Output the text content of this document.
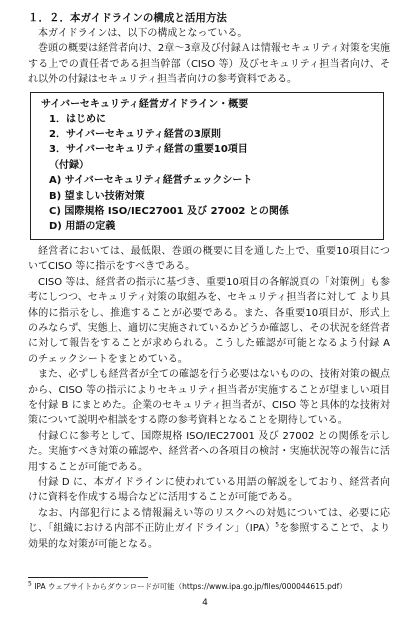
１．２．本ガイドラインの構成と活用方法

本ガイドラインは、以下の構成となっている。

巻頭の概要は経営者向け、2章～3章及び付録Ａは情報セキュリティ対策を実施する上での責任者である担当幹部（CISO 等）及びセキュリティ担当者向け、それ以外の付録はセキュリティ担当者向けの参考資料である。

サイバーセキュリティ経営ガイドライン・概要
1．はじめに
2．サイバーセキュリティ経営の3原則
3．サイバーセキュリティ経営の重要10項目
（付録）
A) サイバーセキュリティ経営チェックシート
B) 望ましい技術対策
C) 国際規格 ISO/IEC27001 及び 27002 との関係
D) 用語の定義

経営者においては、最低限、巻頭の概要に目を通した上で、重要10項目についてCISO 等に指示をすべきである。

CISO 等は、経営者の指示に基づき、重要10項目の各解説頁の「対策例」も参考にしつつ、セキュリティ対策の取組みを、セキュリティ担当者に対して より具体的に指示をし、推進することが必要である。また、各重要10項目が、形式上のみならず、実態上、適切に実施されているかどうか確認し、その状況を経営者に対して報告をすることが求められる。こうした確認が可能となるよう付録 A のチェックシートをまとめている。

また、必ずしも経営者が全ての確認を行う必要はないものの、技術対策の観点から、CISO 等の指示によりセキュリティ担当者が実施することが望ましい項目を付録 B にまとめた。企業のセキュリティ担当者が、CISO 等と具体的な技術対策について説明や相談をする際の参考資料となることを期待している。

付録Ｃに参考として、国際規格 ISO/IEC27001 及び 27002 との関係を示した。実施すべき対策の確認や、経営者への各項目の検討・実施状況等の報告に活用することが可能である。

付録 D に、本ガイドラインに使われている用語の解説をしており、経営者向けに資料を作成する場合などに活用することが可能である。

なお、内部犯行による情報漏えい等のリスクへの対処については、必要に応じ、「組織における内部不正防止ガイドライン」（IPA）$^5$を参照することで、より効果的な対策が可能となる。

$^5$ IPA ウェブサイトからダウンロードが可能（https://www.ipa.go.jp/files/000044615.pdf）
4
